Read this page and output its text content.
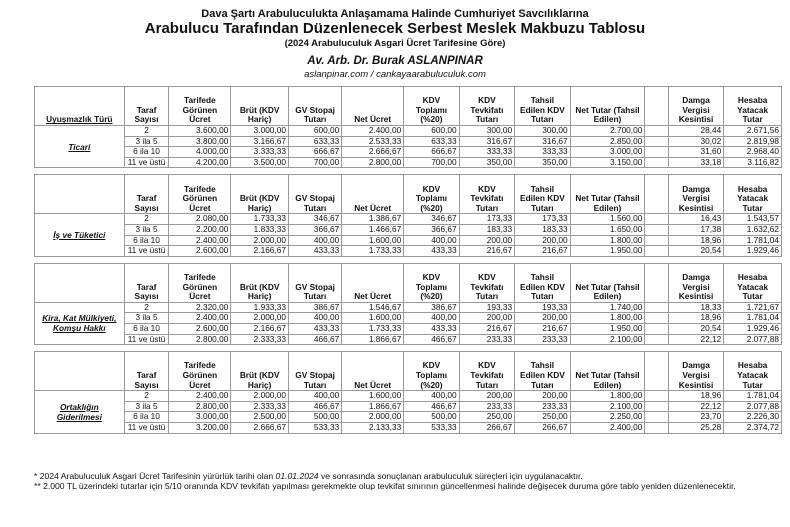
Dava Şartı Arabuluculukta Anlaşamama Halinde Cumhuriyet Savcılıklarına
Arabulucu Tarafından Düzenlenecek Serbest Meslek Makbuzu Tablosu
(2024 Arabuluculuk Asgari Ücret Tarifesine Göre)
Av. Arb. Dr. Burak ASLANPINAR
aslanpinar.com / cankayaarabuluculuk.com
Uyuşmazlık Türü	Taraf Sayısı	Tarifede Görünen Ücret	Brüt (KDV Hariç)	GV Stopaj Tutarı	Net Ücret	KDV Toplamı (%20)	KDV Tevkifatı Tutarı	Tahsil Edilen KDV Tutarı	Net Tutar (Tahsil Edilen)		Damga Vergisi Kesintisi	Hesaba Yatacak Tutar
Ticari	2	3.600,00	3.000,00	600,00	2.400,00	600,00	300,00	300,00	2.700,00		28,44	2.671,56
	3 ila 5	3.800,00	3.166,67	633,33	2.533,33	633,33	316,67	316,67	2.850,00		30,02	2.819,98
	6 ila 10	4.000,00	3.333,33	666,67	2.666,67	666,67	333,33	333,33	3.000,00		31,60	2.968,40
	11 ve üstü	4.200,00	3.500,00	700,00	2.800,00	700,00	350,00	350,00	3.150,00		33,18	3.116,82

	Taraf Sayısı	Tarifede Görünen Ücret	Brüt (KDV Hariç)	GV Stopaj Tutarı	Net Ücret	KDV Toplamı (%20)	KDV Tevkifatı Tutarı	Tahsil Edilen KDV Tutarı	Net Tutar (Tahsil Edilen)		Damga Vergisi Kesintisi	Hesaba Yatacak Tutar
İş ve Tüketici	2	2.080,00	1.733,33	346,67	1.386,67	346,67	173,33	173,33	1.560,00		16,43	1.543,57
	3 ila 5	2.200,00	1.833,33	366,67	1.466,67	366,67	183,33	183,33	1.650,00		17,38	1.632,62
	6 ila 10	2.400,00	2.000,00	400,00	1.600,00	400,00	200,00	200,00	1.800,00		18,96	1.781,04
	11 ve üstü	2.600,00	2.166,67	433,33	1.733,33	433,33	216,67	216,67	1.950,00		20,54	1.929,46

	Taraf Sayısı	Tarifede Görünen Ücret	Brüt (KDV Hariç)	GV Stopaj Tutarı	Net Ücret	KDV Toplamı (%20)	KDV Tevkifatı Tutarı	Tahsil Edilen KDV Tutarı	Net Tutar (Tahsil Edilen)		Damga Vergisi Kesintisi	Hesaba Yatacak Tutar
Kira, Kat Mülkiyeti, Komşu Hakkı	2	2.320,00	1.933,33	386,67	1.546,67	386,67	193,33	193,33	1.740,00		18,33	1.721,67
	3 ila 5	2.400,00	2.000,00	400,00	1.600,00	400,00	200,00	200,00	1.800,00		18,96	1.781,04
	6 ila 10	2.600,00	2.166,67	433,33	1.733,33	433,33	216,67	216,67	1.950,00		20,54	1.929,46
	11 ve üstü	2.800,00	2.333,33	466,67	1.866,67	466,67	233,33	233,33	2.100,00		22,12	2.077,88

	Taraf Sayısı	Tarifede Görünen Ücret	Brüt (KDV Hariç)	GV Stopaj Tutarı	Net Ücret	KDV Toplamı (%20)	KDV Tevkifatı Tutarı	Tahsil Edilen KDV Tutarı	Net Tutar (Tahsil Edilen)		Damga Vergisi Kesintisi	Hesaba Yatacak Tutar
Ortaklığın Giderilmesi	2	2.400,00	2.000,00	400,00	1.600,00	400,00	200,00	200,00	1.800,00		18,96	1.781,04
	3 ila 5	2.800,00	2.333,33	466,67	1.866,67	466,67	233,33	233,33	2.100,00		22,12	2.077,88
	6 ila 10	3.000,00	2.500,00	500,00	2.000,00	500,00	250,00	250,00	2.250,00		23,70	2.226,30
	11 ve üstü	3.200,00	2.666,67	533,33	2.133,33	533,33	266,67	266,67	2.400,00		25,28	2.374,72
* 2024 Arabuluculuk Asgari Ücret Tarifesinin yürürlük tarihi olan 01.01.2024 ve sonrasında sonuçlanan arabuluculuk süreçleri için uygulanacaktır.
** 2.000 TL üzerindeki tutarlar için 5/10 oranında KDV tevkifatı yapılması gerekmekte olup tevkifat sınırının güncellenmesi halinde değişecek duruma göre tablo yeniden düzenlenecektir.
